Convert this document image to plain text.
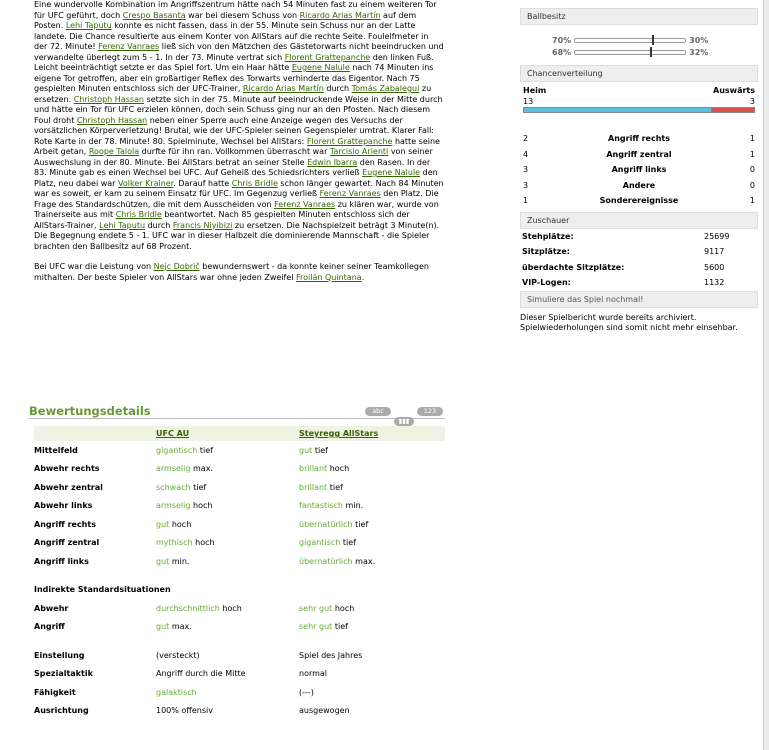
Eine wundervolle Kombination im Angriffszentrum hätte nach 54 Minuten fast zu einem weiteren Tor für UFC geführt, doch Crespo Basanta war bei diesem Schuss von Ricardo Arias Martín auf dem Posten. Lehi Taputu konnte es nicht fassen, dass in der 55. Minute sein Schuss nur an der Latte landete. Die Chance resultierte aus einem Konter von AllStars auf die rechte Seite. Foulelfmeter in der 72. Minute! Ferenz Vanraes ließ sich von den Mätzchen des Gästetorwarts nicht beeindrucken und verwandelte überlegt zum 5 - 1. In der 73. Minute vertrat sich Florent Grattepanche den linken Fuß. Leicht beeinträchtigt setzte er das Spiel fort. Um ein Haar hätte Eugene Nalule nach 74 Minuten ins eigene Tor getroffen, aber ein großartiger Reflex des Torwarts verhinderte das Eigentor. Nach 75 gespielten Minuten entschloss sich der UFC-Trainer, Ricardo Arias Martín durch Tomás Zabalegui zu ersetzen. Christoph Hassan setzte sich in der 75. Minute auf beeindruckende Weise in der Mitte durch und hätte ein Tor für UFC erzielen können, doch sein Schuss ging nur an den Pfosten. Nach diesem Foul droht Christoph Hassan neben einer Sperre auch eine Anzeige wegen des Versuchs der vorsätzlichen Körperverletzung! Brutal, wie der UFC-Spieler seinen Gegenspieler umtrat. Klarer Fall: Rote Karte in der 78. Minute! 80. Spielminute, Wechsel bei AllStars: Florent Grattepanche hatte seine Arbeit getan, Roope Talola durfte für ihn ran. Vollkommen überrascht war Tarcisio Arienti von seiner Auswechslung in der 80. Minute. Bei AllStars betrat an seiner Stelle Edwin Ibarra den Rasen. In der 83. Minute gab es einen Wechsel bei UFC. Auf Geheiß des Schiedsrichters verließ Eugene Nalule den Platz, neu dabei war Volker Krainer. Darauf hatte Chris Bridle schon länger gewartet. Nach 84 Minuten war es soweit, er kam zu seinem Einsatz für UFC. Im Gegenzug verließ Ferenz Vanraes den Platz. Die Frage des Standardschützen, die mit dem Ausscheiden von Ferenz Vanraes zu klären war, wurde von Trainerseite aus mit Chris Bridle beantwortet. Nach 85 gespielten Minuten entschloss sich der AllStars-Trainer, Lehi Taputu durch Francis Niyibizi zu ersetzen. Die Nachspielzeit beträgt 3 Minute(n). Die Begegnung endete 5 - 1. UFC war in dieser Halbzeit die dominierende Mannschaft - die Spieler brachten den Ballbesitz auf 68 Prozent.

Bei UFC war die Leistung von Nejc Dobrič bewundernswert - da konnte keiner seiner Teamkollegen mithalten. Der beste Spieler von AllStars war ohne jeden Zweifel Froilán Quintana.

Bewertungsdetails	abc
▮▮▮
123
	UFC AU	Steyregg AllStars
Mittelfeld	gigantisch tief	gut tief
Abwehr rechts	armselig max.	brillant hoch
Abwehr zentral	schwach tief	brillant tief
Abwehr links	armselig hoch	fantastisch min.
Angriff rechts	gut hoch	übernatürlich tief
Angriff zentral	mythisch hoch	gigantisch tief
Angriff links	gut min.	übernatürlich max.

Indirekte Standardsituationen		
Abwehr	durchschnittlich hoch	sehr gut hoch
Angriff	gut max.	sehr gut tief

Einstellung	(versteckt)	Spiel des Jahres
Spezialtaktik	Angriff durch die Mitte	normal
Fähigkeit	galaktisch	(---)
Ausrichtung	100% offensiv	ausgewogen
Ballbesitz
70%	30%
68%	32%
Chancenverteilung
Heim	Auswärts
13	3
2	Angriff rechts	1
4	Angriff zentral	1
3	Angriff links	0
3	Andere	0
1	Sonderereignisse	1
Zuschauer
Stehplätze:	25699
Sitzplätze:	9117
überdachte Sitzplätze:	5600
VIP-Logen:	1132
Simuliere das Spiel nochmal!
Dieser Spielbericht wurde bereits archiviert. Spielwiederholungen sind somit nicht mehr einsehbar.
